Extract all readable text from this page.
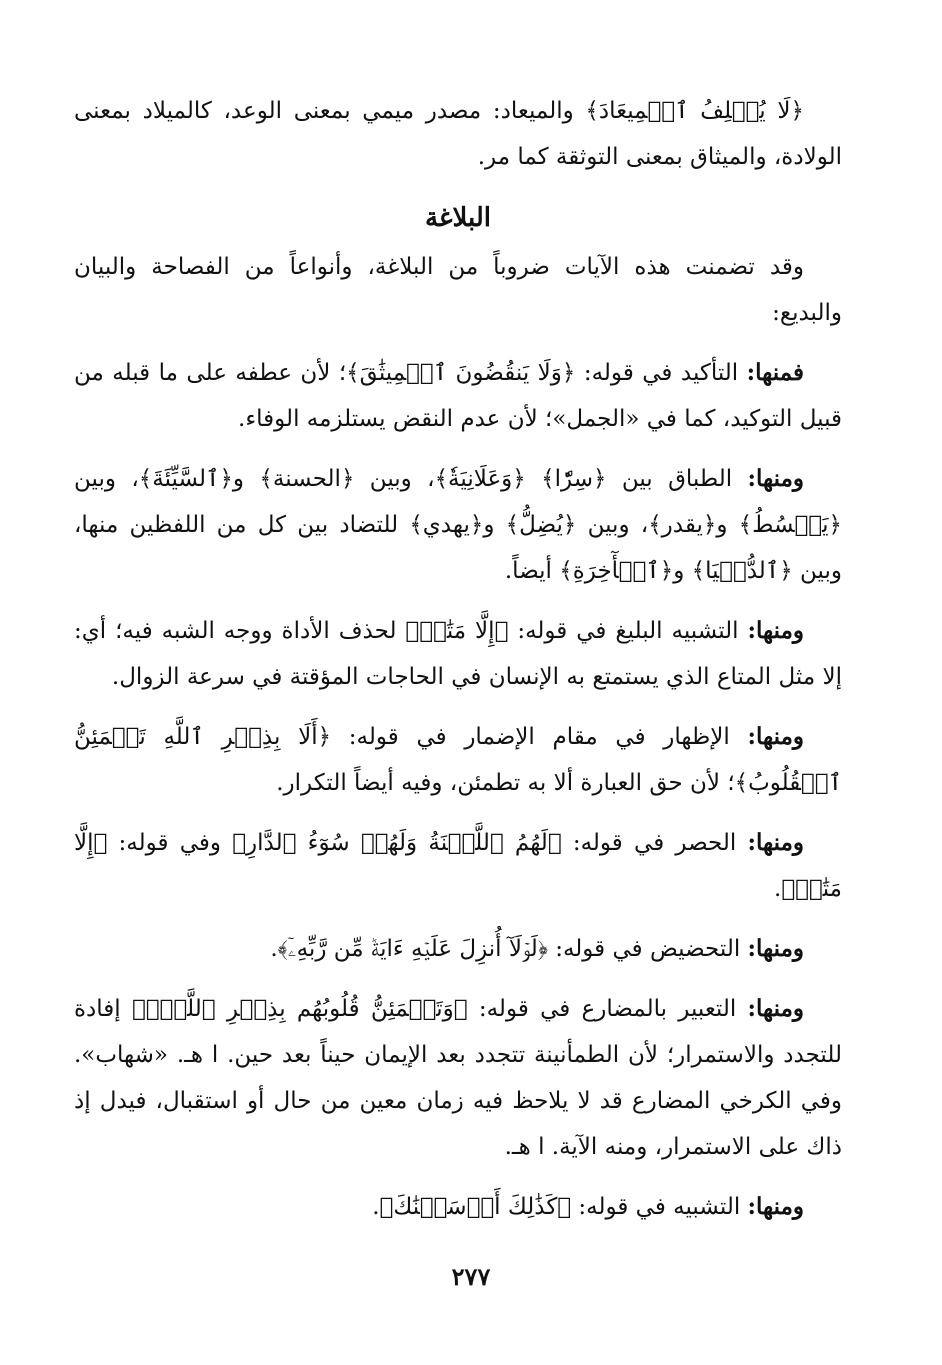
﴿لَا يُخۡلِفُ ٱلۡمِيعَادَ﴾ والميعاد: مصدر ميمي بمعنى الوعد، كالميلاد بمعنى الولادة، والميثاق بمعنى التوثقة كما مر.

البلاغة

وقد تضمنت هذه الآيات ضروباً من البلاغة، وأنواعاً من الفصاحة والبيان والبديع:

فمنها: التأكيد في قوله: ﴿وَلَا يَنقُضُونَ ٱلۡمِيثَٰقَ﴾؛ لأن عطفه على ما قبله من قبيل التوكيد، كما في «الجمل»؛ لأن عدم النقض يستلزمه الوفاء.

ومنها: الطباق بين ﴿سِرّٗا﴾ ﴿وَعَلَانِيَةٗ﴾، وبين ﴿الحسنة﴾ و﴿ٱلسَّيِّئَةَ﴾، وبين ﴿يَبۡسُطُ﴾ و﴿يقدر﴾، وبين ﴿يُضِلُّ﴾ و﴿يهدي﴾ للتضاد بين كل من اللفظين منها، وبين ﴿ٱلدُّنۡيَا﴾ و﴿ٱلۡأٓخِرَةِ﴾ أيضاً.

ومنها: التشبيه البليغ في قوله: ﴿إِلَّا مَتَٰعٞ﴾ لحذف الأداة ووجه الشبه فيه؛ أي: إلا مثل المتاع الذي يستمتع به الإنسان في الحاجات المؤقتة في سرعة الزوال.

ومنها: الإظهار في مقام الإضمار في قوله: ﴿أَلَا بِذِكۡرِ ٱللَّهِ تَطۡمَئِنُّ ٱلۡقُلُوبُ﴾؛ لأن حق العبارة ألا به تطمئن، وفيه أيضاً التكرار.

ومنها: الحصر في قوله: ﴿لَهُمُ ٱللَّعۡنَةُ وَلَهُمۡ سُوٓءُ ٱلدَّارِ﴾ وفي قوله: ﴿إِلَّا مَتَٰعٞ﴾.

ومنها: التحضيض في قوله: ﴿لَوۡلَآ أُنزِلَ عَلَيۡهِ ءَايَةٞ مِّن رَّبِّهِۦٓ﴾.

ومنها: التعبير بالمضارع في قوله: ﴿وَتَطۡمَئِنُّ قُلُوبُهُم بِذِكۡرِ ٱللَّهِۗ﴾ إفادة للتجدد والاستمرار؛ لأن الطمأنينة تتجدد بعد الإيمان حيناً بعد حين. ا هـ. «شهاب». وفي الكرخي المضارع قد لا يلاحظ فيه زمان معين من حال أو استقبال، فيدل إذ ذاك على الاستمرار، ومنه الآية. ا هـ.

ومنها: التشبيه في قوله: ﴿كَذَٰلِكَ أَرۡسَلۡنَٰكَ﴾.

٢٧٧
